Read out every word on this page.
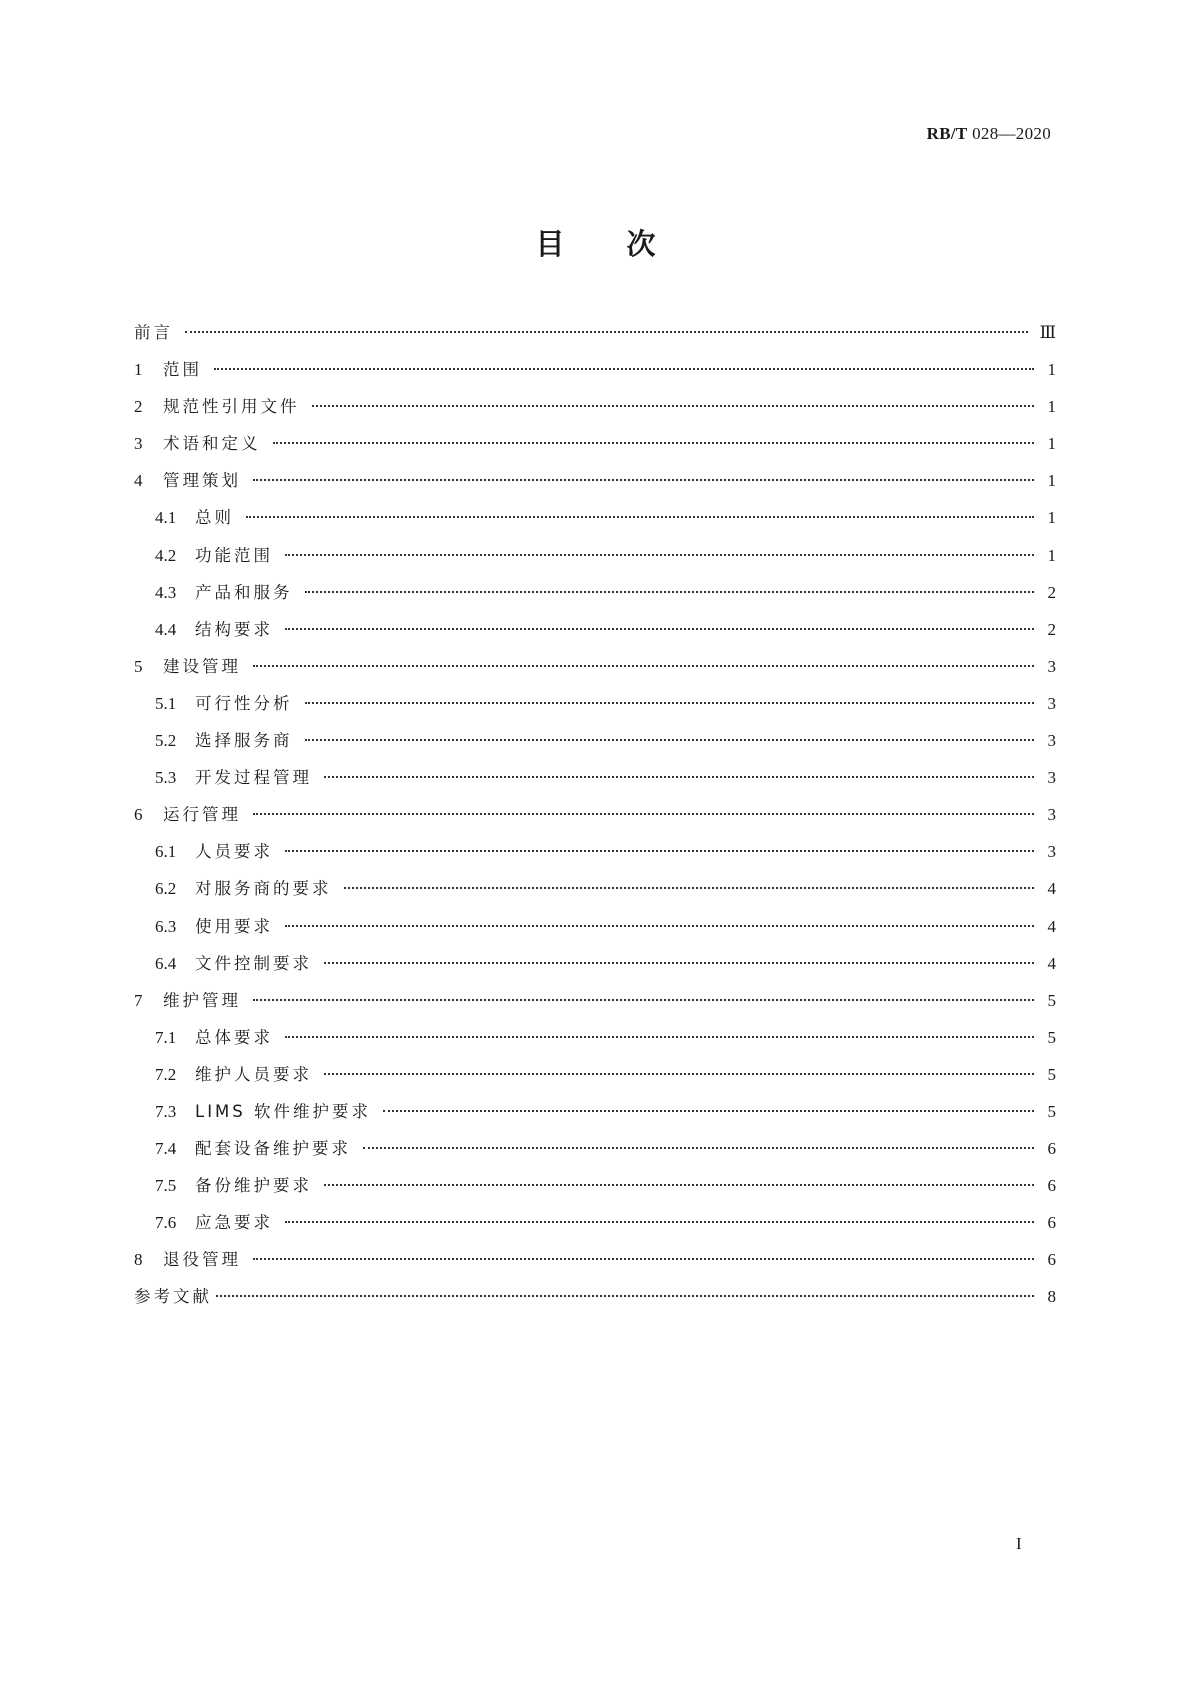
RB/T 028—2020
目 次
前言	Ⅲ
1	范围	1
2	规范性引用文件	1
3	术语和定义	1
4	管理策划	1
4.1	总则	1
4.2	功能范围	1
4.3	产品和服务	2
4.4	结构要求	2
5	建设管理	3
5.1	可行性分析	3
5.2	选择服务商	3
5.3	开发过程管理	3
6	运行管理	3
6.1	人员要求	3
6.2	对服务商的要求	4
6.3	使用要求	4
6.4	文件控制要求	4
7	维护管理	5
7.1	总体要求	5
7.2	维护人员要求	5
7.3	LIMS 软件维护要求	5
7.4	配套设备维护要求	6
7.5	备份维护要求	6
7.6	应急要求	6
8	退役管理	6
参考文献	8
I
